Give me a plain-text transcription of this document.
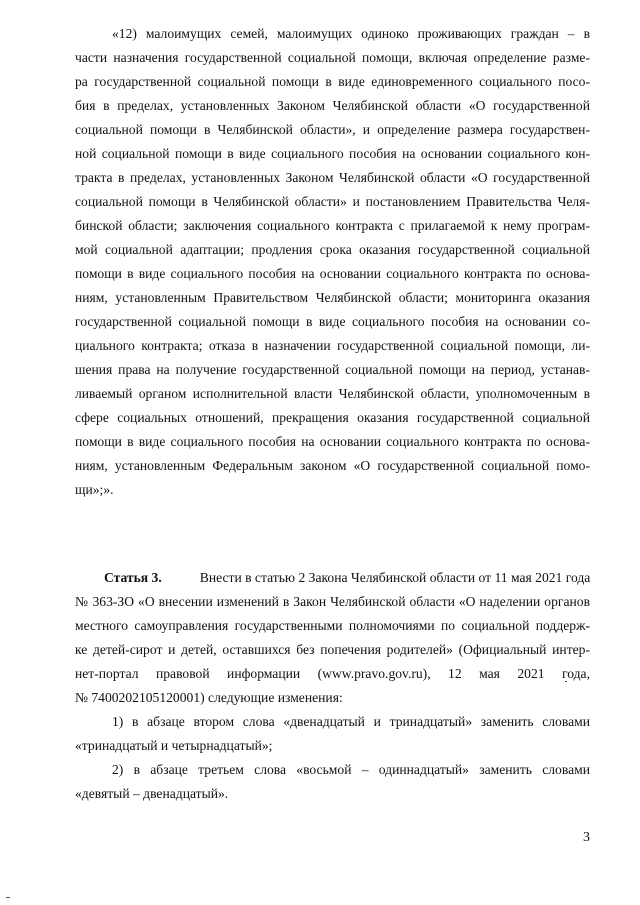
«12) малоимущих семей, малоимущих одиноко проживающих граждан – в
части назначения государственной социальной помощи, включая определение разме-
ра государственной социальной помощи в виде единовременного социального посо-
бия в пределах, установленных Законом Челябинской области «О государственной
социальной помощи в Челябинской области», и определение размера государствен-
ной социальной помощи в виде социального пособия на основании социального кон-
тракта в пределах, установленных Законом Челябинской области «О государственной
социальной помощи в Челябинской области» и постановлением Правительства Челя-
бинской области; заключения социального контракта с прилагаемой к нему програм-
мой социальной адаптации; продления срока оказания государственной социальной
помощи в виде социального пособия на основании социального контракта по основа-
ниям, установленным Правительством Челябинской области; мониторинга оказания
государственной социальной помощи в виде социального пособия на основании со-
циального контракта; отказа в назначении государственной социальной помощи, ли-
шения права на получение государственной социальной помощи на период, устанав-
ливаемый органом исполнительной власти Челябинской области, уполномоченным в
сфере социальных отношений, прекращения оказания государственной социальной
помощи в виде социального пособия на основании социального контракта по основа-
ниям, установленным Федеральным законом «О государственной социальной помо-
щи»;».
Статья 3.	Внести в статью 2 Закона Челябинской области от 11 мая 2021 года
№ 363-ЗО «О внесении изменений в Закон Челябинской области «О наделении органов
местного самоуправления государственными полномочиями по социальной поддерж-
ке детей-сирот и детей, оставшихся без попечения родителей» (Официальный интер-
нет-портал правовой информации (www.pravo.gov.ru), 12 мая 2021 года,
№ 7400202105120001) следующие изменения:
1) в абзаце втором слова «двенадцатый и тринадцатый» заменить словами
«тринадцатый и четырнадцатый»;
2) в абзаце третьем слова «восьмой – одиннадцатый» заменить словами
«девятый – двенадцатый».
3
